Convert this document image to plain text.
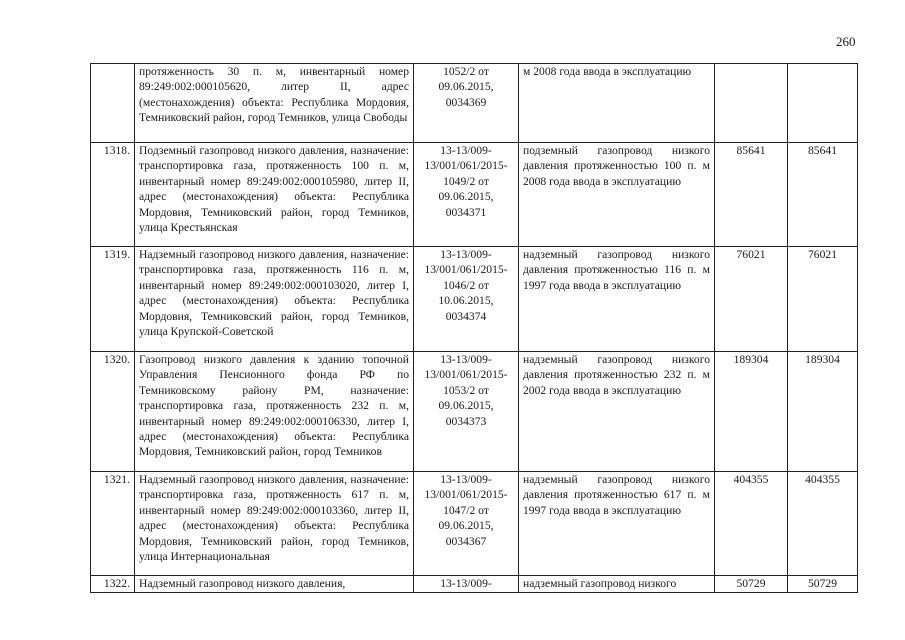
260
	протяженность 30 п. м, инвентарный номер 89:249:002:000105620, литер II, адрес (местонахождения) объекта: Республика Мордовия, Темниковский район, город Темников, улица Свободы	1052/2 от 09.06.2015, 0034369	м 2008 года ввода в эксплуатацию		
1318.	Подземный газопровод низкого давления, назначение: транспортировка газа, протяженность 100 п. м, инвентарный номер 89:249:002:000105980, литер II, адрес (местонахождения) объекта: Республика Мордовия, Темниковский район, город Темников, улица Крестьянская	13-13/009-13/001/061/2015-1049/2 от 09.06.2015, 0034371	подземный газопровод низкого давления протяженностью 100 п. м 2008 года ввода в эксплуатацию	85641	85641
1319.	Надземный газопровод низкого давления, назначение: транспортировка газа, протяженность 116 п. м, инвентарный номер 89:249:002:000103020, литер I, адрес (местонахождения) объекта: Республика Мордовия, Темниковский район, город Темников, улица Крупской-Советской	13-13/009-13/001/061/2015-1046/2 от 10.06.2015, 0034374	надземный газопровод низкого давления протяженностью 116 п. м 1997 года ввода в эксплуатацию	76021	76021
1320.	Газопровод низкого давления к зданию топочной Управления Пенсионного фонда РФ по Темниковскому району РМ, назначение: транспортировка газа, протяженность 232 п. м, инвентарный номер 89:249:002:000106330, литер I, адрес (местонахождения) объекта: Республика Мордовия, Темниковский район, город Темников	13-13/009-13/001/061/2015-1053/2 от 09.06.2015, 0034373	надземный газопровод низкого давления протяженностью 232 п. м 2002 года ввода в эксплуатацию	189304	189304
1321.	Надземный газопровод низкого давления, назначение: транспортировка газа, протяженность 617 п. м, инвентарный номер 89:249:002:000103360, литер II, адрес (местонахождения) объекта: Республика Мордовия, Темниковский район, город Темников, улица Интернациональная	13-13/009-13/001/061/2015-1047/2 от 09.06.2015, 0034367	надземный газопровод низкого давления протяженностью 617 п. м 1997 года ввода в эксплуатацию	404355	404355
1322.	Надземный газопровод низкого давления,	13-13/009-	надземный газопровод низкого	50729	50729
